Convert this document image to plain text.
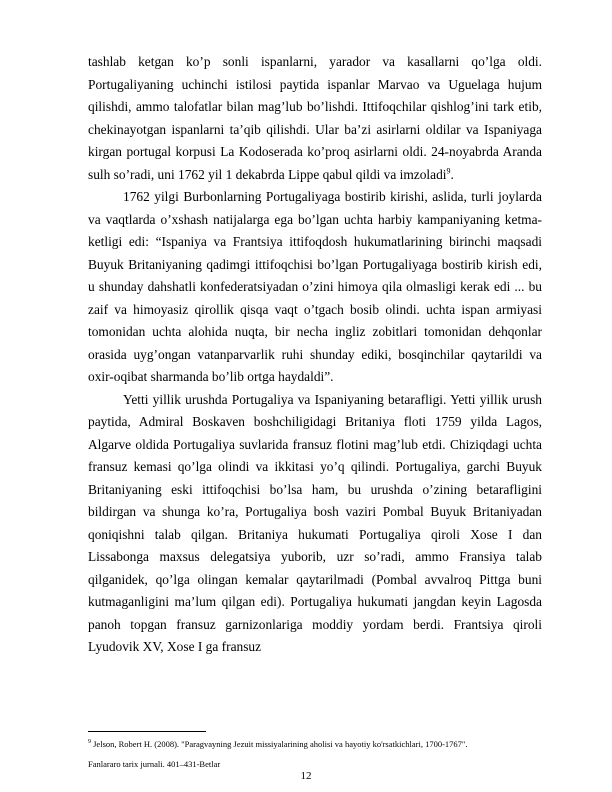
tashlab ketgan ko’p sonli ispanlarni, yarador va kasallarni qo’lga oldi. Portugaliyaning uchinchi istilosi paytida ispanlar Marvao va Uguelaga hujum qilishdi, ammo talofatlar bilan mag’lub bo’lishdi. Ittifoqchilar qishlog’ini tark etib, chekinayotgan ispanlarni ta’qib qilishdi. Ular ba’zi asirlarni oldilar va Ispaniyaga kirgan portugal korpusi La Kodoserada ko’proq asirlarni oldi. 24-noyabrda Aranda sulh so’radi, uni 1762 yil 1 dekabrda Lippe qabul qildi va imzoladi$^9$.

1762 yilgi Burbonlarning Portugaliyaga bostirib kirishi, aslida, turli joylarda va vaqtlarda o’xshash natijalarga ega bo’lgan uchta harbiy kampaniyaning ketma-ketligi edi: “Ispaniya va Frantsiya ittifoqdosh hukumatlarining birinchi maqsadi Buyuk Britaniyaning qadimgi ittifoqchisi bo’lgan Portugaliyaga bostirib kirish edi, u shunday dahshatli konfederatsiyadan o’zini himoya qila olmasligi kerak edi ... bu zaif va himoyasiz qirollik qisqa vaqt o’tgach bosib olindi. uchta ispan armiyasi tomonidan uchta alohida nuqta, bir necha ingliz zobitlari tomonidan dehqonlar orasida uyg’ongan vatanparvarlik ruhi shunday ediki, bosqinchilar qaytarildi va oxir-oqibat sharmanda bo’lib ortga haydaldi”.

Yetti yillik urushda Portugaliya va Ispaniyaning betarafligi. Yetti yillik urush paytida, Admiral Boskaven boshchiligidagi Britaniya floti 1759 yilda Lagos, Algarve oldida Portugaliya suvlarida fransuz flotini mag’lub etdi. Chiziqdagi uchta fransuz kemasi qo’lga olindi va ikkitasi yo’q qilindi. Portugaliya, garchi Buyuk Britaniyaning eski ittifoqchisi bo’lsa ham, bu urushda o’zining betarafligini bildirgan va shunga ko’ra, Portugaliya bosh vaziri Pombal Buyuk Britaniyadan qoniqishni talab qilgan. Britaniya hukumati Portugaliya qiroli Xose I dan Lissabonga maxsus delegatsiya yuborib, uzr so’radi, ammo Fransiya talab qilganidek, qo’lga olingan kemalar qaytarilmadi (Pombal avvalroq Pittga buni kutmaganligini ma’lum qilgan edi). Portugaliya hukumati jangdan keyin Lagosda panoh topgan fransuz garnizonlariga moddiy yordam berdi. Frantsiya qiroli Lyudovik XV, Xose I ga fransuz

$^9$ Jelson, Robert H. (2008). "Paragvayning Jezuit missiyalarining aholisi va hayotiy ko'rsatkichlari, 1700-1767".

Fanlararo tarix jurnali. 401–431-Betlar

12
